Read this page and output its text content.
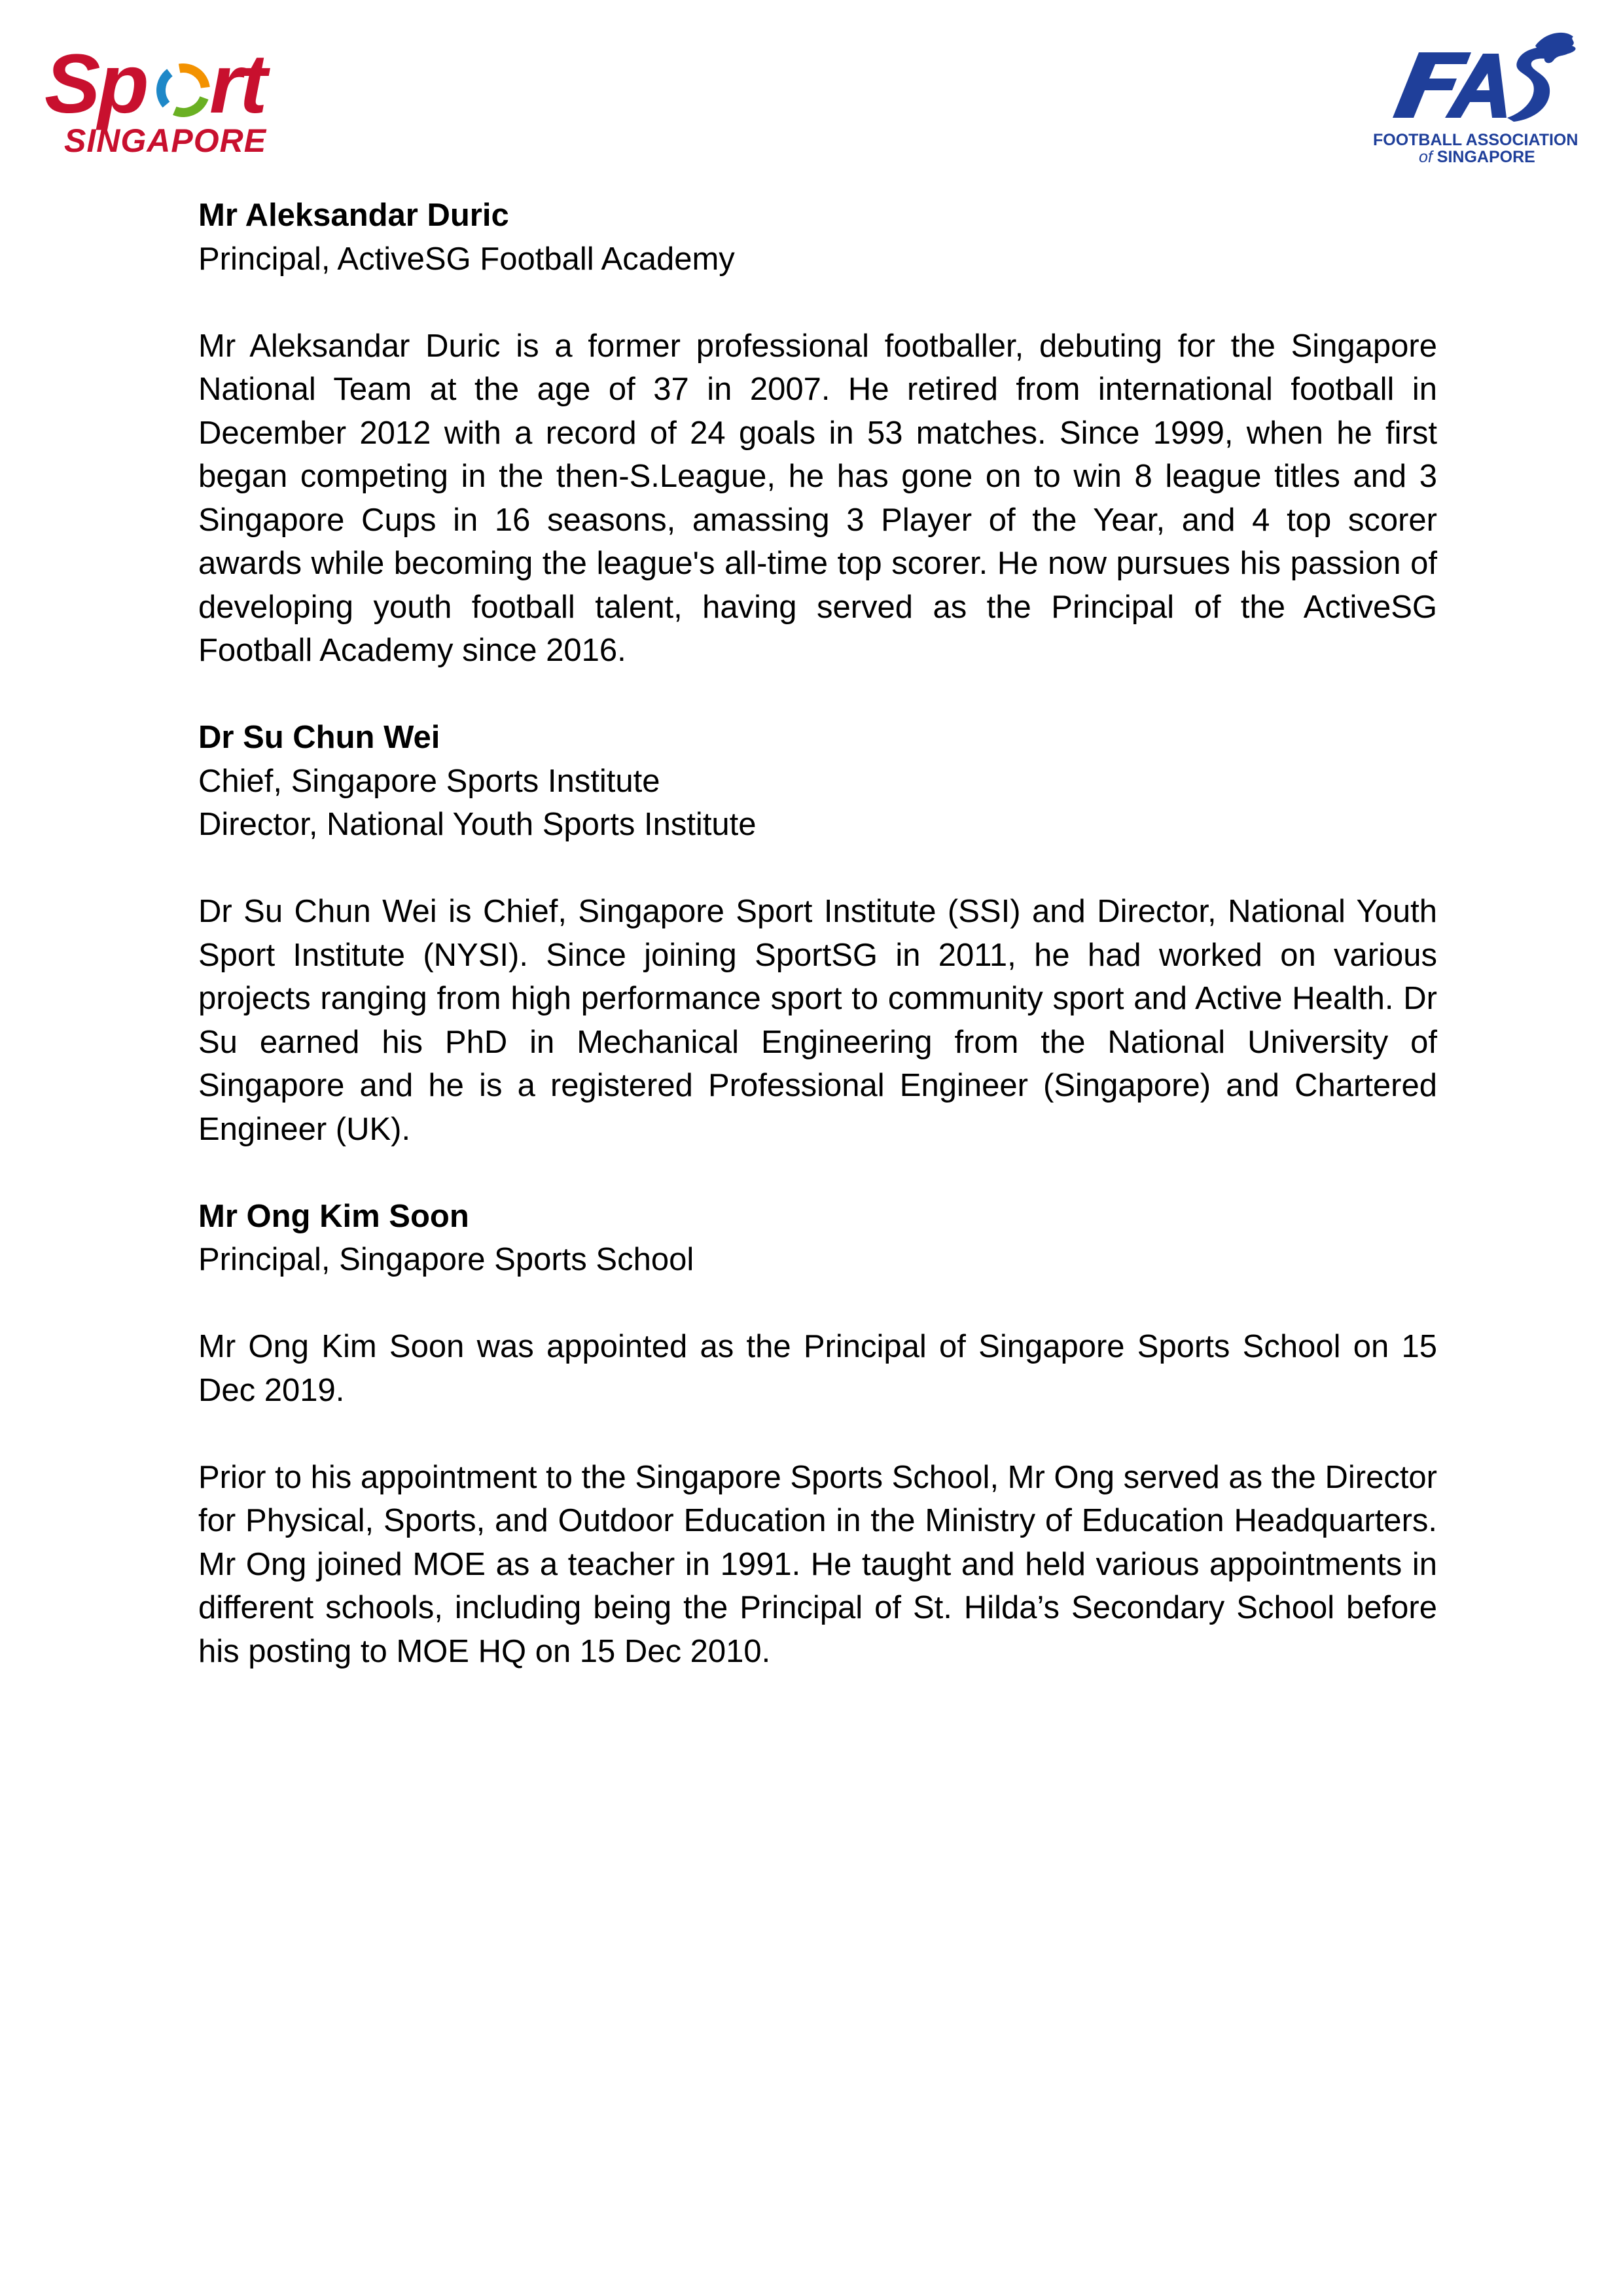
Sp rt
SINGAPORE	FOOTBALL ASSOCIATION
of SINGAPORE
Mr Aleksandar Duric
Principal, ActiveSG Football Academy

Mr Aleksandar Duric is a former professional footballer, debuting for the Singapore National Team at the age of 37 in 2007. He retired from international football in December 2012 with a record of 24 goals in 53 matches. Since 1999, when he first began competing in the then-S.League, he has gone on to win 8 league titles and 3 Singapore Cups in 16 seasons, amassing 3 Player of the Year, and 4 top scorer awards while becoming the league's all-time top scorer. He now pursues his passion of developing youth football talent, having served as the Principal of the ActiveSG Football Academy since 2016.

Dr Su Chun Wei
Chief, Singapore Sports Institute
Director, National Youth Sports Institute

Dr Su Chun Wei is Chief, Singapore Sport Institute (SSI) and Director, National Youth Sport Institute (NYSI). Since joining SportSG in 2011, he had worked on various projects ranging from high performance sport to community sport and Active Health. Dr Su earned his PhD in Mechanical Engineering from the National University of Singapore and he is a registered Professional Engineer (Singapore) and Chartered Engineer (UK).

Mr Ong Kim Soon
Principal, Singapore Sports School

Mr Ong Kim Soon was appointed as the Principal of Singapore Sports School on 15 Dec 2019.

Prior to his appointment to the Singapore Sports School, Mr Ong served as the Director for Physical, Sports, and Outdoor Education in the Ministry of Education Headquarters. Mr Ong joined MOE as a teacher in 1991. He taught and held various appointments in different schools, including being the Principal of St. Hilda’s Secondary School before his posting to MOE HQ on 15 Dec 2010.
